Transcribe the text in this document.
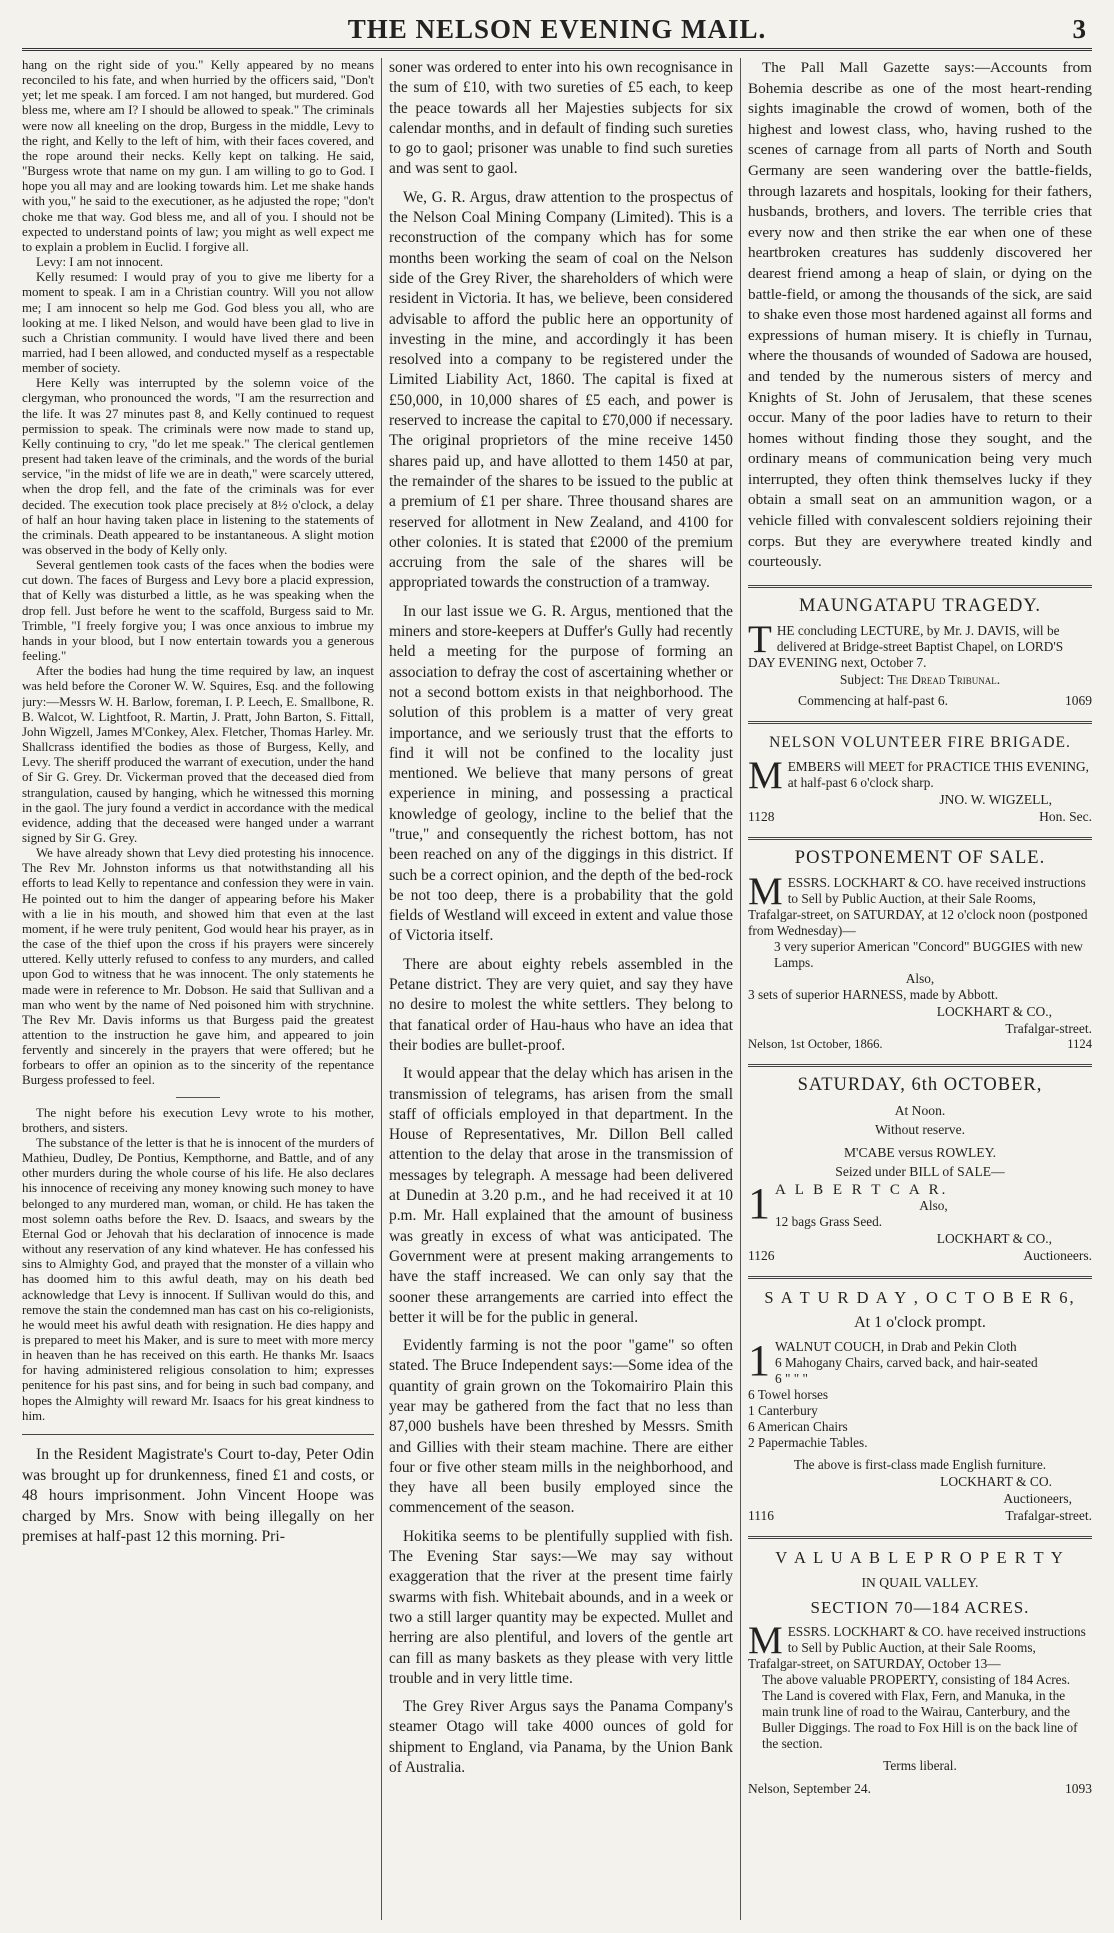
THE NELSON EVENING MAIL.	3

hang on the right side of you." Kelly appeared by no means reconciled to his fate, and when hurried by the officers said, "Don't yet; let me speak. I am forced. I am not hanged, but murdered. God bless me, where am I? I should be allowed to speak." The criminals were now all kneeling on the drop, Burgess in the middle, Levy to the right, and Kelly to the left of him, with their faces covered, and the rope around their necks. Kelly kept on talking. He said, "Burgess wrote that name on my gun. I am willing to go to God. I hope you all may and are looking towards him. Let me shake hands with you," he said to the executioner, as he adjusted the rope; "don't choke me that way. God bless me, and all of you. I should not be expected to understand points of law; you might as well expect me to explain a problem in Euclid. I forgive all.

Levy: I am not innocent.

Kelly resumed: I would pray of you to give me liberty for a moment to speak. I am in a Christian country. Will you not allow me; I am innocent so help me God. God bless you all, who are looking at me. I liked Nelson, and would have been glad to live in such a Christian community. I would have lived there and been married, had I been allowed, and conducted myself as a respectable member of society.

Here Kelly was interrupted by the solemn voice of the clergyman, who pronounced the words, "I am the resurrection and the life. It was 27 minutes past 8, and Kelly continued to request permission to speak. The criminals were now made to stand up, Kelly continuing to cry, "do let me speak." The clerical gentlemen present had taken leave of the criminals, and the words of the burial service, "in the midst of life we are in death," were scarcely uttered, when the drop fell, and the fate of the criminals was for ever decided. The execution took place precisely at 8½ o'clock, a delay of half an hour having taken place in listening to the statements of the criminals. Death appeared to be instantaneous. A slight motion was observed in the body of Kelly only.

Several gentlemen took casts of the faces when the bodies were cut down. The faces of Burgess and Levy bore a placid expression, that of Kelly was disturbed a little, as he was speaking when the drop fell. Just before he went to the scaffold, Burgess said to Mr. Trimble, "I freely forgive you; I was once anxious to imbrue my hands in your blood, but I now entertain towards you a generous feeling."

After the bodies had hung the time required by law, an inquest was held before the Coroner W. W. Squires, Esq. and the following jury:—Messrs W. H. Barlow, foreman, I. P. Leech, E. Smallbone, R. B. Walcot, W. Lightfoot, R. Martin, J. Pratt, John Barton, S. Fittall, John Wigzell, James M'Conkey, Alex. Fletcher, Thomas Harley. Mr. Shallcrass identified the bodies as those of Burgess, Kelly, and Levy. The sheriff produced the warrant of execution, under the hand of Sir G. Grey. Dr. Vickerman proved that the deceased died from strangulation, caused by hanging, which he witnessed this morning in the gaol. The jury found a verdict in accordance with the medical evidence, adding that the deceased were hanged under a warrant signed by Sir G. Grey.

We have already shown that Levy died protesting his innocence. The Rev Mr. Johnston informs us that notwithstanding all his efforts to lead Kelly to repentance and confession they were in vain. He pointed out to him the danger of appearing before his Maker with a lie in his mouth, and showed him that even at the last moment, if he were truly penitent, God would hear his prayer, as in the case of the thief upon the cross if his prayers were sincerely uttered. Kelly utterly refused to confess to any murders, and called upon God to witness that he was innocent. The only statements he made were in reference to Mr. Dobson. He said that Sullivan and a man who went by the name of Ned poisoned him with strychnine. The Rev Mr. Davis informs us that Burgess paid the greatest attention to the instruction he gave him, and appeared to join fervently and sincerely in the prayers that were offered; but he forbears to offer an opinion as to the sincerity of the repentance Burgess professed to feel.

The night before his execution Levy wrote to his mother, brothers, and sisters.

The substance of the letter is that he is innocent of the murders of Mathieu, Dudley, De Pontius, Kempthorne, and Battle, and of any other murders during the whole course of his life. He also declares his innocence of receiving any money knowing such money to have belonged to any murdered man, woman, or child. He has taken the most solemn oaths before the Rev. D. Isaacs, and swears by the Eternal God or Jehovah that his declaration of innocence is made without any reservation of any kind whatever. He has confessed his sins to Almighty God, and prayed that the monster of a villain who has doomed him to this awful death, may on his death bed acknowledge that Levy is innocent. If Sullivan would do this, and remove the stain the condemned man has cast on his co-religionists, he would meet his awful death with resignation. He dies happy and is prepared to meet his Maker, and is sure to meet with more mercy in heaven than he has received on this earth. He thanks Mr. Isaacs for having administered religious consolation to him; expresses penitence for his past sins, and for being in such bad company, and hopes the Almighty will reward Mr. Isaacs for his great kindness to him.

In the Resident Magistrate's Court to-day, Peter Odin was brought up for drunkenness, fined £1 and costs, or 48 hours imprisonment. John Vincent Hoope was charged by Mrs. Snow with being illegally on her premises at half-past 12 this morning. Pri-

soner was ordered to enter into his own recognisance in the sum of £10, with two sureties of £5 each, to keep the peace towards all her Majesties subjects for six calendar months, and in default of finding such sureties to go to gaol; prisoner was unable to find such sureties and was sent to gaol.

We, G. R. Argus, draw attention to the prospectus of the Nelson Coal Mining Company (Limited). This is a reconstruction of the company which has for some months been working the seam of coal on the Nelson side of the Grey River, the shareholders of which were resident in Victoria. It has, we believe, been considered advisable to afford the public here an opportunity of investing in the mine, and accordingly it has been resolved into a company to be registered under the Limited Liability Act, 1860. The capital is fixed at £50,000, in 10,000 shares of £5 each, and power is reserved to increase the capital to £70,000 if necessary. The original proprietors of the mine receive 1450 shares paid up, and have allotted to them 1450 at par, the remainder of the shares to be issued to the public at a premium of £1 per share. Three thousand shares are reserved for allotment in New Zealand, and 4100 for other colonies. It is stated that £2000 of the premium accruing from the sale of the shares will be appropriated towards the construction of a tramway.

In our last issue we G. R. Argus, mentioned that the miners and store-keepers at Duffer's Gully had recently held a meeting for the purpose of forming an association to defray the cost of ascertaining whether or not a second bottom exists in that neighborhood. The solution of this problem is a matter of very great importance, and we seriously trust that the efforts to find it will not be confined to the locality just mentioned. We believe that many persons of great experience in mining, and possessing a practical knowledge of geology, incline to the belief that the "true," and consequently the richest bottom, has not been reached on any of the diggings in this district. If such be a correct opinion, and the depth of the bed-rock be not too deep, there is a probability that the gold fields of Westland will exceed in extent and value those of Victoria itself.

There are about eighty rebels assembled in the Petane district. They are very quiet, and say they have no desire to molest the white settlers. They belong to that fanatical order of Hau-haus who have an idea that their bodies are bullet-proof.

It would appear that the delay which has arisen in the transmission of telegrams, has arisen from the small staff of officials employed in that department. In the House of Representatives, Mr. Dillon Bell called attention to the delay that arose in the transmission of messages by telegraph. A message had been delivered at Dunedin at 3.20 p.m., and he had received it at 10 p.m. Mr. Hall explained that the amount of business was greatly in excess of what was anticipated. The Government were at present making arrangements to have the staff increased. We can only say that the sooner these arrangements are carried into effect the better it will be for the public in general.

Evidently farming is not the poor "game" so often stated. The Bruce Independent says:—Some idea of the quantity of grain grown on the Tokomairiro Plain this year may be gathered from the fact that no less than 87,000 bushels have been threshed by Messrs. Smith and Gillies with their steam machine. There are either four or five other steam mills in the neighborhood, and they have all been busily employed since the commencement of the season.

Hokitika seems to be plentifully supplied with fish. The Evening Star says:—We may say without exaggeration that the river at the present time fairly swarms with fish. Whitebait abounds, and in a week or two a still larger quantity may be expected. Mullet and herring are also plentiful, and lovers of the gentle art can fill as many baskets as they please with very little trouble and in very little time.

The Grey River Argus says the Panama Company's steamer Otago will take 4000 ounces of gold for shipment to England, via Panama, by the Union Bank of Australia.

The Pall Mall Gazette says:—Accounts from Bohemia describe as one of the most heart-rending sights imaginable the crowd of women, both of the highest and lowest class, who, having rushed to the scenes of carnage from all parts of North and South Germany are seen wandering over the battle-fields, through lazarets and hospitals, looking for their fathers, husbands, brothers, and lovers. The terrible cries that every now and then strike the ear when one of these heartbroken creatures has suddenly discovered her dearest friend among a heap of slain, or dying on the battle-field, or among the thousands of the sick, are said to shake even those most hardened against all forms and expressions of human misery. It is chiefly in Turnau, where the thousands of wounded of Sadowa are housed, and tended by the numerous sisters of mercy and Knights of St. John of Jerusalem, that these scenes occur. Many of the poor ladies have to return to their homes without finding those they sought, and the ordinary means of communication being very much interrupted, they often think themselves lucky if they obtain a small seat on an ammunition wagon, or a vehicle filled with convalescent soldiers rejoining their corps. But they are everywhere treated kindly and courteously.

MAUNGATAPU TRAGEDY.
T HE concluding LECTURE, by Mr. J. DAVIS, will be delivered at Bridge-street Baptist Chapel, on LORD'S DAY EVENING next, October 7.
Subject: The Dread Tribunal.
Commencing at half-past 6.	1069
NELSON VOLUNTEER FIRE BRIGADE.
M EMBERS will MEET for PRACTICE THIS EVENING, at half-past 6 o'clock sharp.
JNO. W. WIGZELL,
1128	Hon. Sec.
POSTPONEMENT OF SALE.
M ESSRS. LOCKHART & CO. have received instructions to Sell by Public Auction, at their Sale Rooms, Trafalgar-street, on SATURDAY, at 12 o'clock noon (postponed from Wednesday)—
3 very superior American "Concord" BUGGIES with new Lamps.
Also,
3 sets of superior HARNESS, made by Abbott.
LOCKHART & CO.,
Trafalgar-street.
Nelson, 1st October, 1866.	1124
SATURDAY, 6th OCTOBER,
At Noon.
Without reserve.
M'CABE versus ROWLEY.
Seized under BILL of SALE—
1 A L B E R T C A R.
Also,
12 bags Grass Seed.
LOCKHART & CO.,
1126	Auctioneers.
S A T U R D A Y , O C T O B E R 6,
At 1 o'clock prompt.
1 WALNUT COUCH, in Drab and Pekin Cloth
6 Mahogany Chairs, carved back, and hair-seated
6 " " "
6 Towel horses
1 Canterbury
6 American Chairs
2 Papermachie Tables.
The above is first-class made English furniture.
LOCKHART & CO.
Auctioneers,
1116	Trafalgar-street.
V A L U A B L E P R O P E R T Y
IN QUAIL VALLEY.
SECTION 70—184 ACRES.
M ESSRS. LOCKHART & CO. have received instructions to Sell by Public Auction, at their Sale Rooms, Trafalgar-street, on SATURDAY, October 13—
The above valuable PROPERTY, consisting of 184 Acres.
The Land is covered with Flax, Fern, and Manuka, in the main trunk line of road to the Wairau, Canterbury, and the Buller Diggings. The road to Fox Hill is on the back line of the section.
Terms liberal.
Nelson, September 24.	1093
